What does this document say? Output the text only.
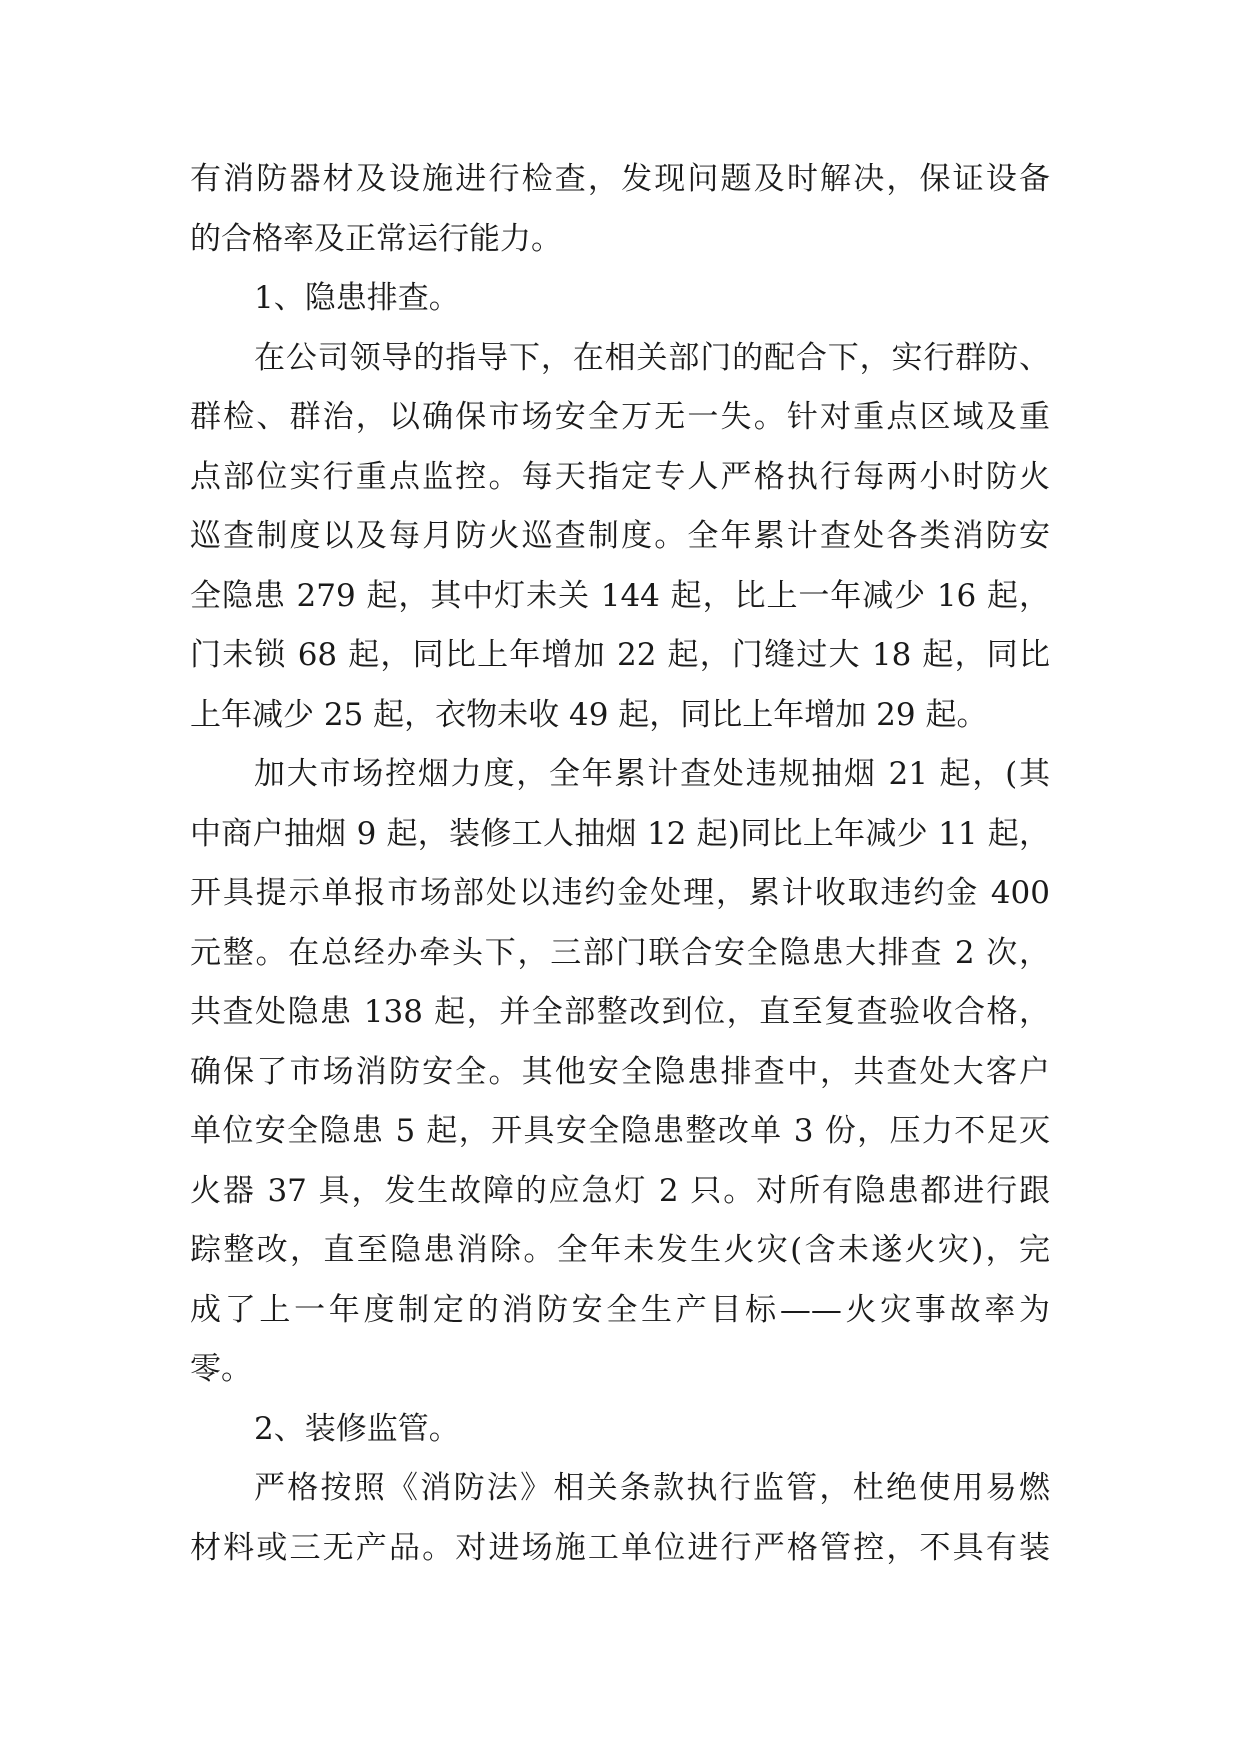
有消防器材及设施进行检查，发现问题及时解决，保证设备
的合格率及正常运行能力。
1、隐患排查。
在公司领导的指导下，在相关部门的配合下，实行群防、
群检、群治，以确保市场安全万无一失。针对重点区域及重
点部位实行重点监控。每天指定专人严格执行每两小时防火
巡查制度以及每月防火巡查制度。全年累计查处各类消防安
全隐患 279 起，其中灯未关 144 起，比上一年减少 16 起，
门未锁 68 起，同比上年增加 22 起，门缝过大 18 起，同比
上年减少 25 起，衣物未收 49 起，同比上年增加 29 起。
加大市场控烟力度，全年累计查处违规抽烟 21 起，(其
中商户抽烟 9 起，装修工人抽烟 12 起)同比上年减少 11 起，
开具提示单报市场部处以违约金处理，累计收取违约金 400
元整。在总经办牵头下，三部门联合安全隐患大排查 2 次，
共查处隐患 138 起，并全部整改到位，直至复查验收合格，
确保了市场消防安全。其他安全隐患排查中，共查处大客户
单位安全隐患 5 起，开具安全隐患整改单 3 份，压力不足灭
火器 37 具，发生故障的应急灯 2 只。对所有隐患都进行跟
踪整改，直至隐患消除。全年未发生火灾(含未遂火灾)，完
成了上一年度制定的消防安全生产目标——火灾事故率为
零。
2、装修监管。
严格按照《消防法》相关条款执行监管，杜绝使用易燃
材料或三无产品。对进场施工单位进行严格管控，不具有装
